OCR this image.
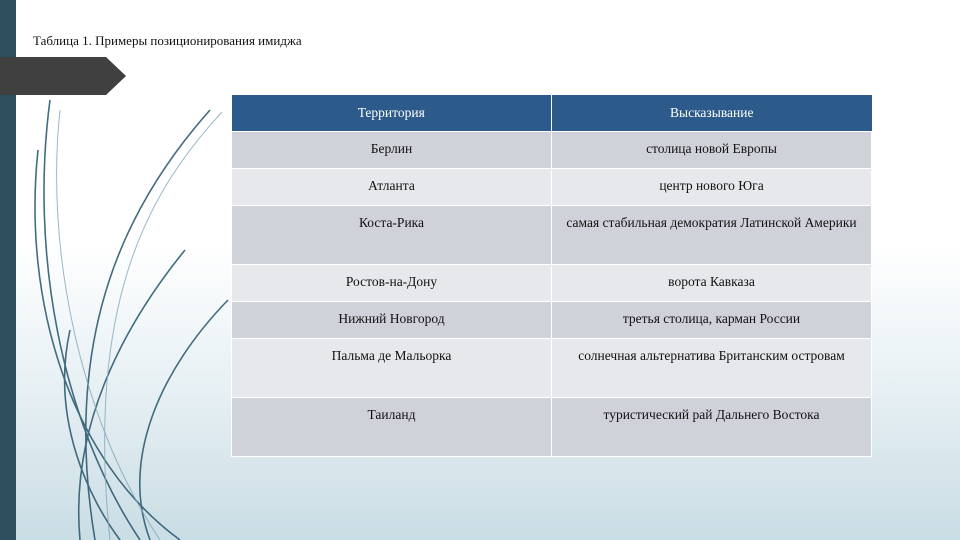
Таблица 1. Примеры позиционирования имиджа
Территория	Высказывание
Берлин	столица новой Европы
Атланта	центр нового Юга
Коста-Рика	самая стабильная демократия Латинской Америки
Ростов-на-Дону	ворота Кавказа
Нижний Новгород	третья столица, карман России
Пальма де Мальорка	солнечная альтернатива Британским островам
Таиланд	туристический рай Дальнего Востока
